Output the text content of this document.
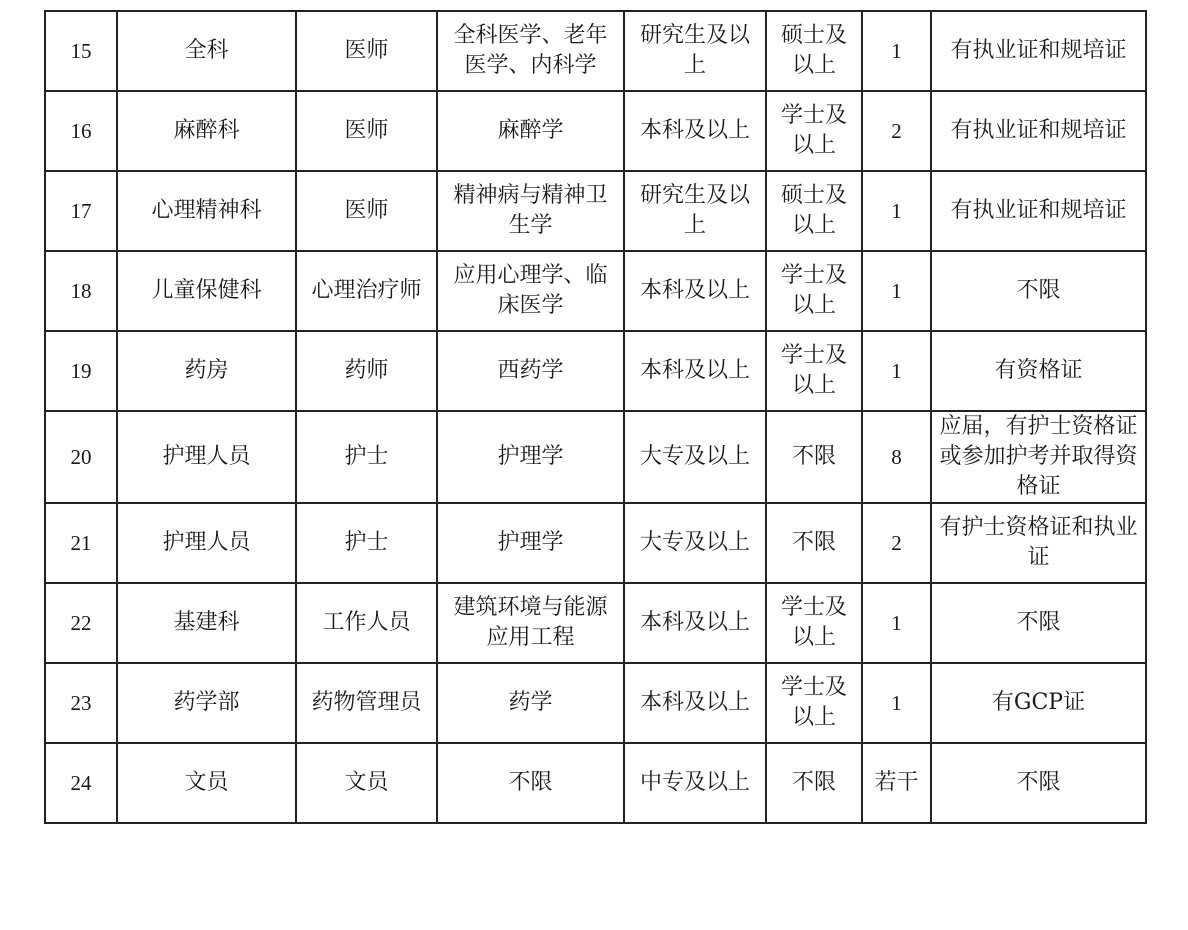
15	全科	医师	全科医学、老年医学、内科学	研究生及以上	硕士及以上	1	有执业证和规培证

16	麻醉科	医师	麻醉学	本科及以上	学士及以上	2	有执业证和规培证

17	心理精神科	医师	精神病与精神卫生学	研究生及以上	硕士及以上	1	有执业证和规培证

18	儿童保健科	心理治疗师	应用心理学、临床医学	本科及以上	学士及以上	1	不限

19	药房	药师	西药学	本科及以上	学士及以上	1	有资格证

20	护理人员	护士	护理学	大专及以上	不限	8	应届，有护士资格证或参加护考并取得资格证

21	护理人员	护士	护理学	大专及以上	不限	2	有护士资格证和执业证

22	基建科	工作人员	建筑环境与能源应用工程	本科及以上	学士及以上	1	不限

23	药学部	药物管理员	药学	本科及以上	学士及以上	1	有GCP证

24	文员	文员	不限	中专及以上	不限	若干	不限
